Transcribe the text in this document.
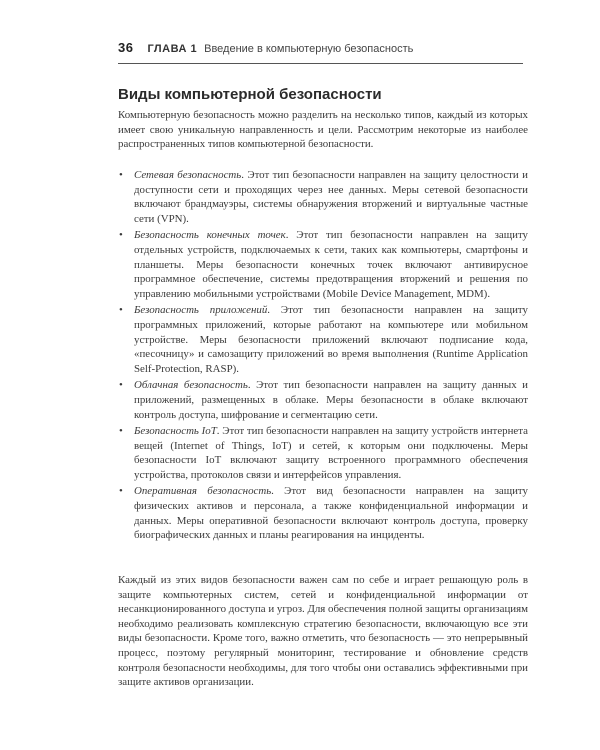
36 ГЛАВА 1 Введение в компьютерную безопасность
Виды компьютерной безопасности

Компьютерную безопасность можно разделить на несколько типов, каждый из которых имеет свою уникальную направленность и цели. Рассмотрим некоторые из наиболее распространенных типов компьютерной безопасности.

• Сетевая безопасность. Этот тип безопасности направлен на защиту целостности и доступности сети и проходящих через нее данных. Меры сетевой безопасности включают брандмауэры, системы обнаружения вторжений и виртуальные частные сети (VPN).
• Безопасность конечных точек. Этот тип безопасности направлен на защиту отдельных устройств, подключаемых к сети, таких как компьютеры, смартфоны и планшеты. Меры безопасности конечных точек включают антивирусное программное обеспечение, системы предотвращения вторжений и решения по управлению мобильными устройствами (Mobile Device Management, MDM).
• Безопасность приложений. Этот тип безопасности направлен на защиту программных приложений, которые работают на компьютере или мобильном устройстве. Меры безопасности приложений включают подписание кода, «песочницу» и самозащиту приложений во время выполнения (Runtime Application Self-Protection, RASP).
• Облачная безопасность. Этот тип безопасности направлен на защиту данных и приложений, размещенных в облаке. Меры безопасности в облаке включают контроль доступа, шифрование и сегментацию сети.
• Безопасность IoT. Этот тип безопасности направлен на защиту устройств интернета вещей (Internet of Things, IoT) и сетей, к которым они подключены. Меры безопасности IoT включают защиту встроенного программного обеспечения устройства, протоколов связи и интерфейсов управления.
• Оперативная безопасность. Этот вид безопасности направлен на защиту физических активов и персонала, а также конфиденциальной информации и данных. Меры оперативной безопасности включают контроль доступа, проверку биографических данных и планы реагирования на инциденты.

Каждый из этих видов безопасности важен сам по себе и играет решающую роль в защите компьютерных систем, сетей и конфиденциальной информации от несанкционированного доступа и угроз. Для обеспечения полной защиты организациям необходимо реализовать комплексную стратегию безопасности, включающую все эти виды безопасности. Кроме того, важно отметить, что безопасность — это непрерывный процесс, поэтому регулярный мониторинг, тестирование и обновление средств контроля безопасности необходимы, для того чтобы они оставались эффективными при защите активов организации.
